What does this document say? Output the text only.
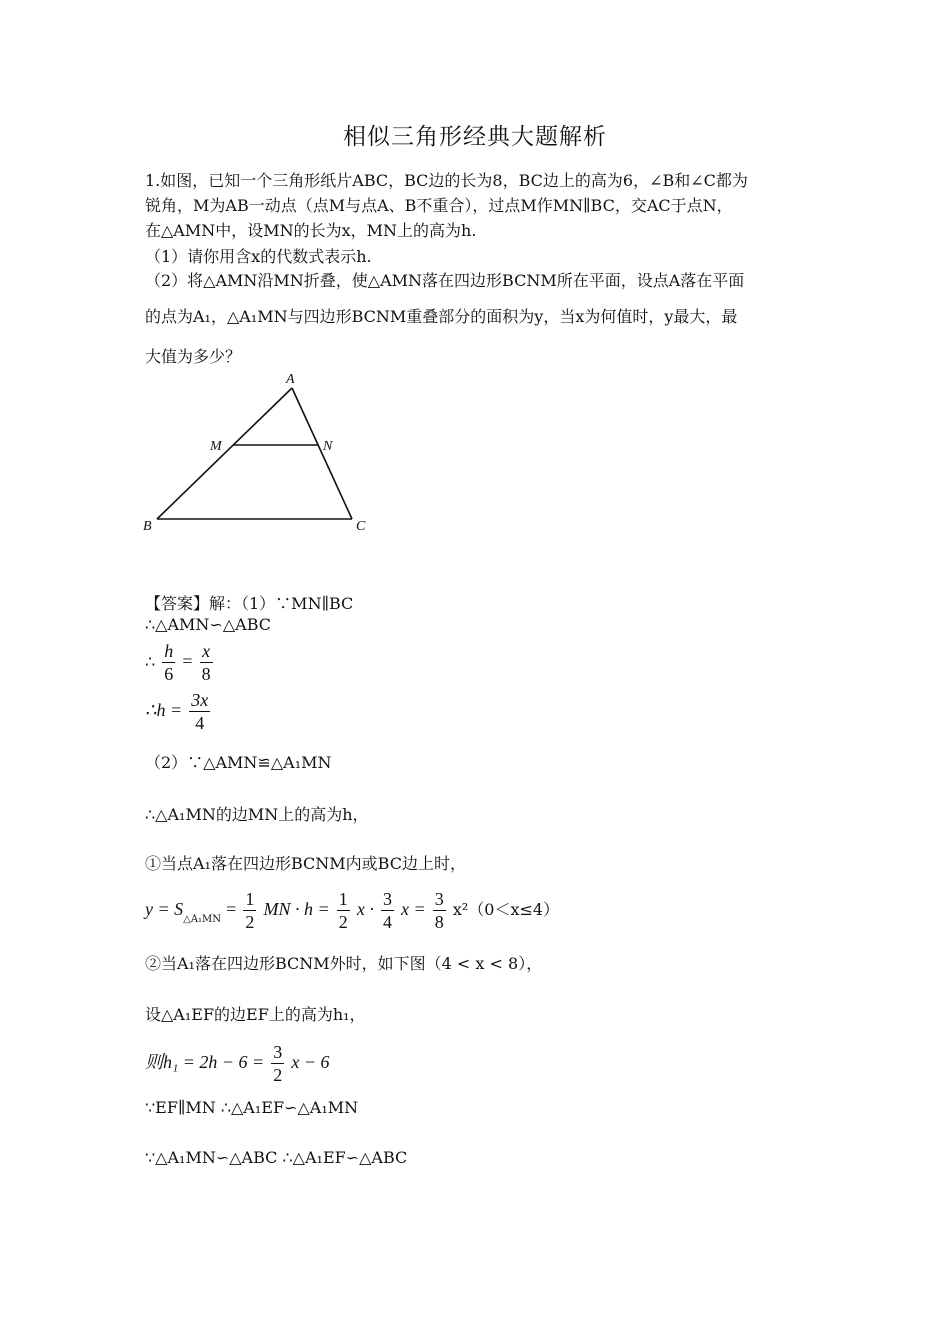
相似三角形经典大题解析
1.如图，已知一个三角形纸片ABC，BC边的长为8，BC边上的高为6，∠B和∠C都为
锐角，M为AB一动点（点M与点A、B不重合），过点M作MN∥BC，交AC于点N，
在△AMN中，设MN的长为x，MN上的高为h.
（1）请你用含x的代数式表示h.
（2）将△AMN沿MN折叠，使△AMN落在四边形BCNM所在平面，设点A落在平面
的点为A₁，△A₁MN与四边形BCNM重叠部分的面积为y，当x为何值时，y最大，最
大值为多少？
A
M	N
B	C
【答案】解：（1）∵MN∥BC
∴△AMN∽△ABC
∴ $\frac{h}{6} = \frac{x}{8}$
∴h = $\frac{3x}{4}$
（2）∵△AMN≌△A₁MN
∴△A₁MN的边MN上的高为h，
①当点A₁落在四边形BCNM内或BC边上时，
$y = S_{\triangle A_1MN} = \frac{1}{2}$ MN · $h = \frac{1}{2}$ $x \cdot \frac{3}{4}$ $x = \frac{3}{8} x^2(0<x\le 4)$
②当A₁落在四边形BCNM外时，如下图（4 < x < 8），
设△A₁EF的边EF上的高为h₁，
则$h_1 = 2h - 6 = \frac{3}{2}$ x − 6
∵EF∥MN ∴△A₁EF∽△A₁MN
∵△A₁MN∽△ABC ∴△A₁EF∽△ABC
